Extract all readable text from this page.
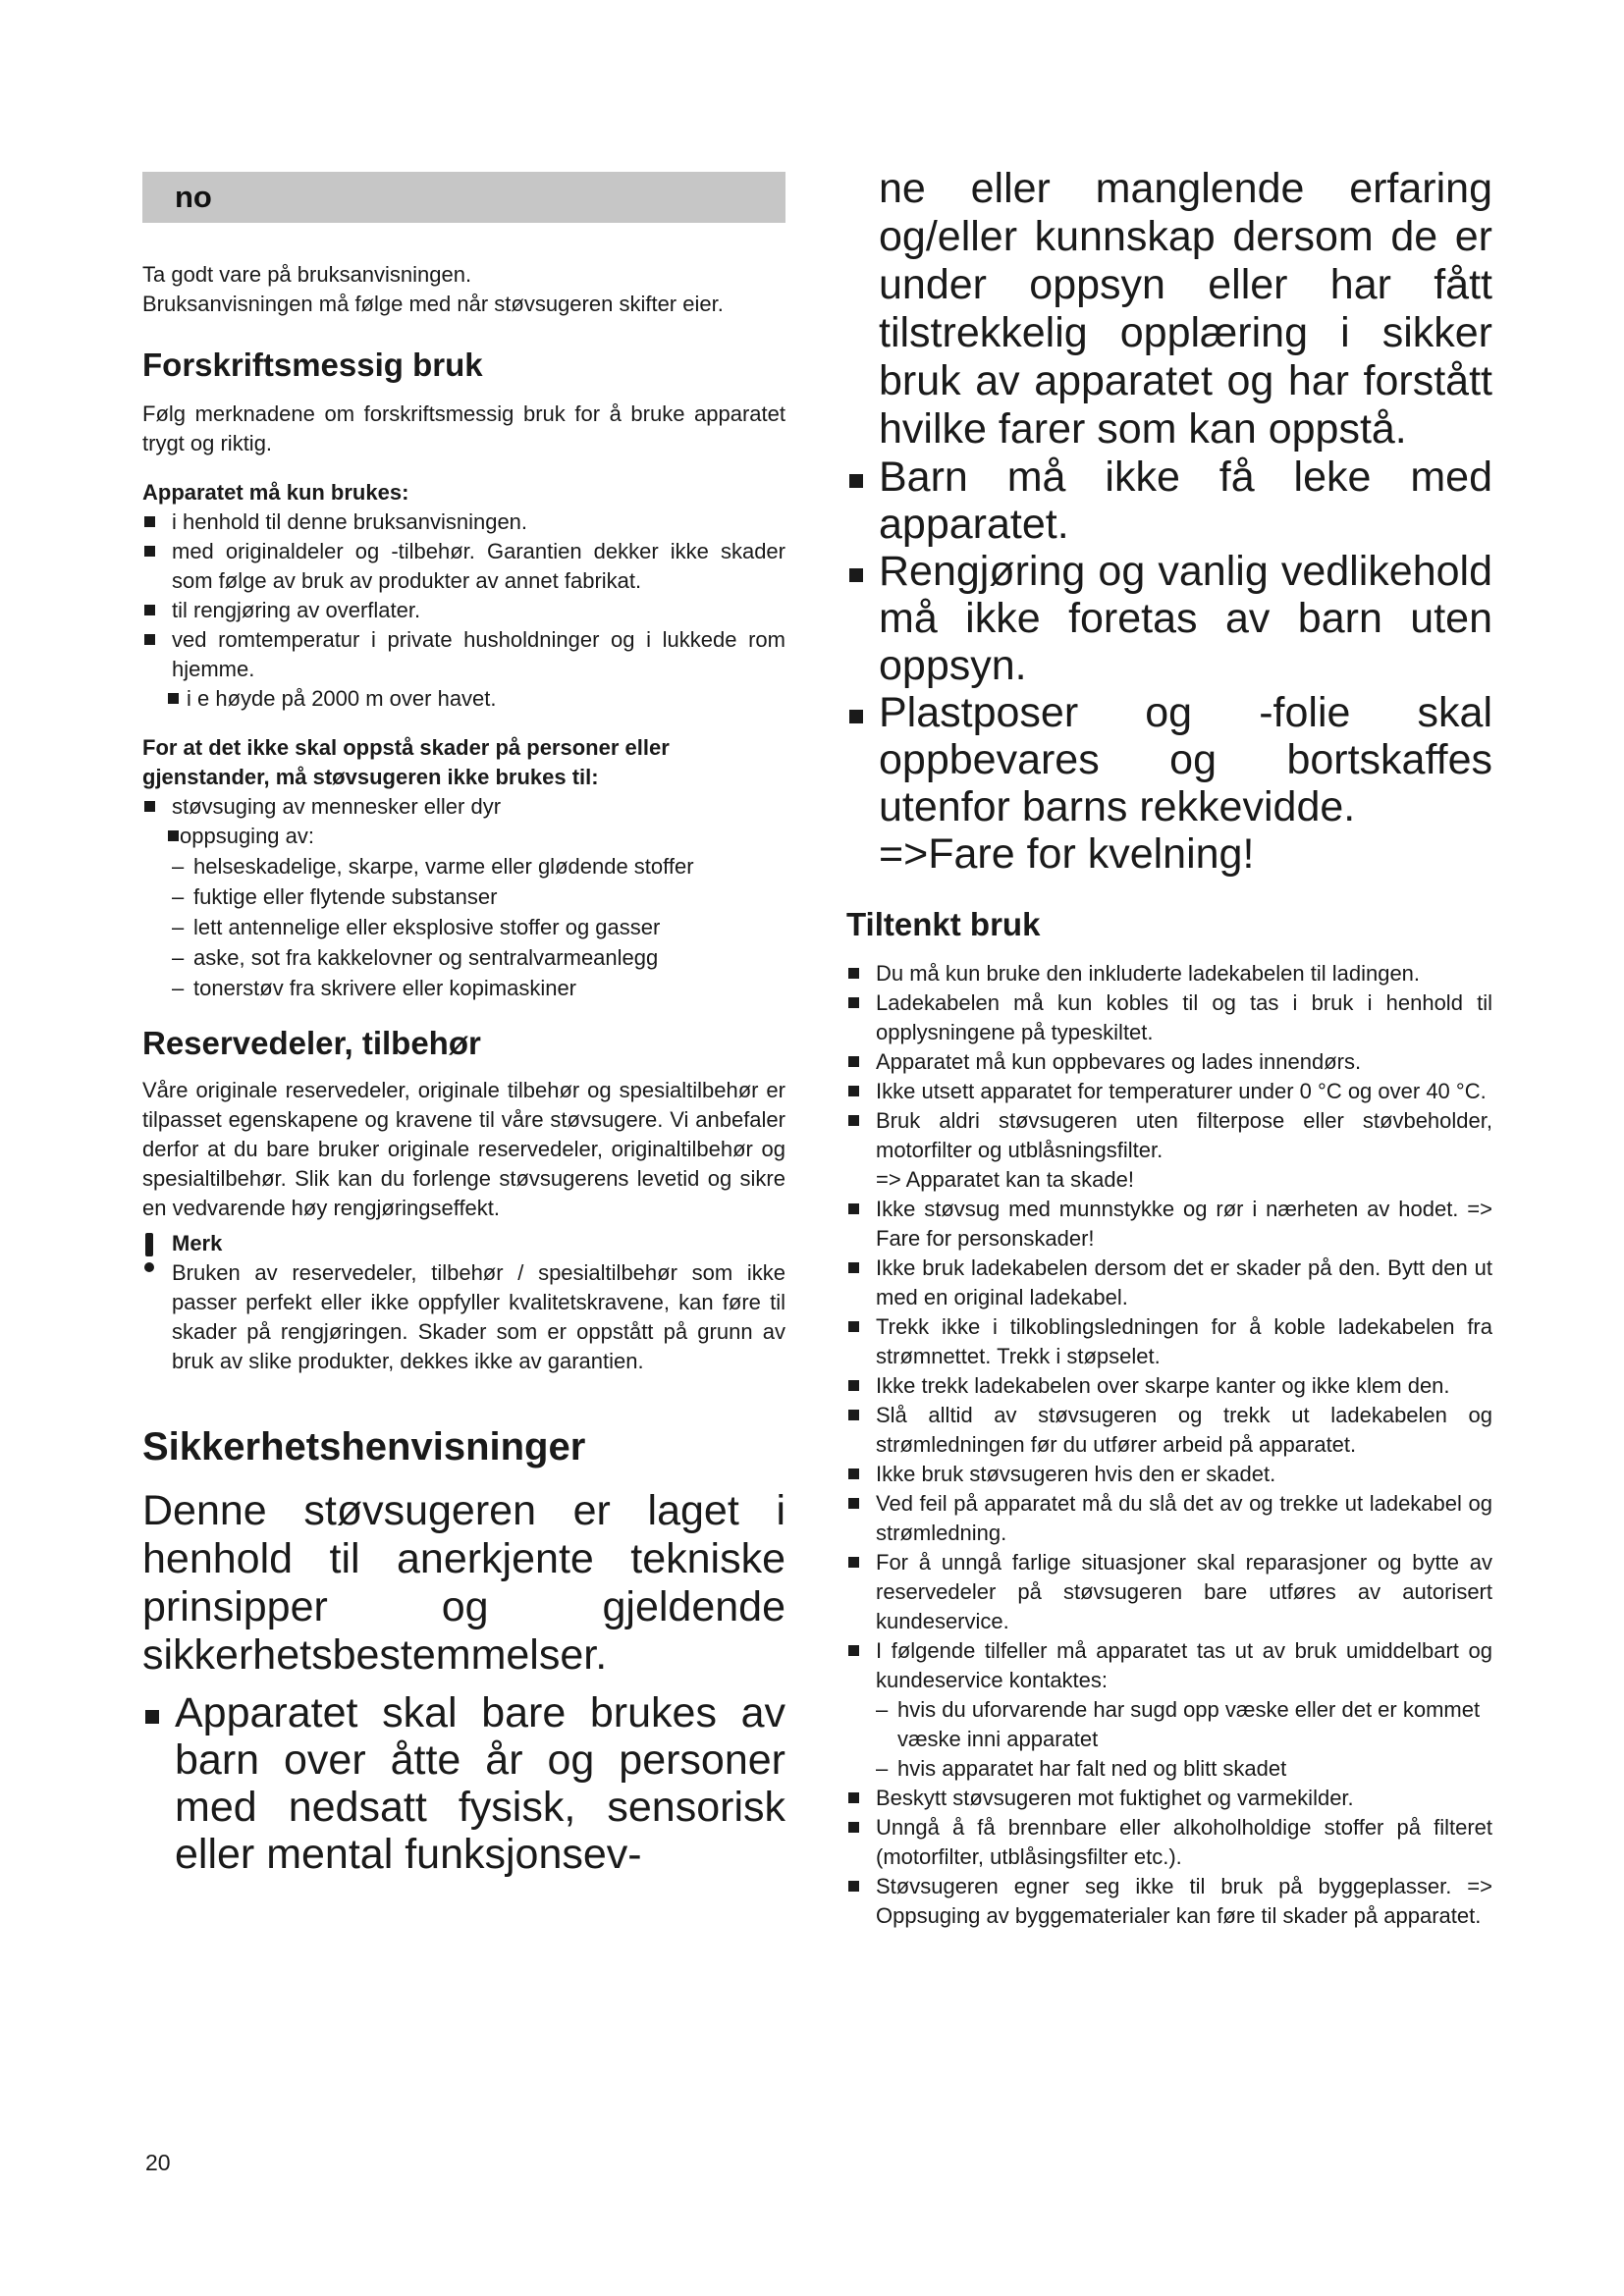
no

Ta godt vare på bruksanvisningen.

Bruksanvisningen må følge med når støvsugeren skifter eier.

Forskriftsmessig bruk

Følg merknadene om forskriftsmessig bruk for å bruke apparatet trygt og riktig.

Apparatet må kun brukes:

i henhold til denne bruksanvisningen.
med originaldeler og -tilbehør. Garantien dekker ikke skader som følge av bruk av produkter av annet fabrikat.
til rengjøring av overflater.
ved romtemperatur i private husholdninger og i lukkede rom hjemme.
i e høyde på 2000 m over havet.

For at det ikke skal oppstå skader på personer eller gjenstander, må støvsugeren ikke brukes til:

støvsuging av mennesker eller dyr
oppsuging av:
– helseskadelige, skarpe, varme eller glødende stoffer
– fuktige eller flytende substanser
– lett antennelige eller eksplosive stoffer og gasser
– aske, sot fra kakkelovner og sentralvarmeanlegg
– tonerstøv fra skrivere eller kopimaskiner
Reservedeler, tilbehør

Våre originale reservedeler, originale tilbehør og spesialtilbehør er tilpasset egenskapene og kravene til våre støvsugere. Vi anbefaler derfor at du bare bruker originale reservedeler, originaltilbehør og spesialtilbehør. Slik kan du forlenge støvsugerens levetid og sikre en vedvarende høy rengjøringseffekt.

Merk

Bruken av reservedeler, tilbehør / spesialtilbehør som ikke passer perfekt eller ikke oppfyller kvalitetskravene, kan føre til skader på rengjøringen. Skader som er oppstått på grunn av bruk av slike produkter, dekkes ikke av garantien.

Sikkerhetshenvisninger

Denne støvsugeren er laget i henhold til anerkjente tekniske prinsipper og gjeldende sikkerhetsbestemmelser.

Apparatet skal bare brukes av barn over åtte år og personer med nedsatt fysisk, sensorisk eller mental funksjonsev-
20

ne eller manglende erfaring og/eller kunnskap dersom de er under oppsyn eller har fått tilstrekkelig opplæring i sikker bruk av apparatet og har forstått hvilke farer som kan oppstå.

Barn må ikke få leke med apparatet.
Rengjøring og vanlig vedlikehold må ikke foretas av barn uten oppsyn.
Plastposer og -folie skal oppbevares og bortskaffes utenfor barns rekkevidde.

=>Fare for kvelning!

Tiltenkt bruk
Du må kun bruke den inkluderte ladekabelen til ladingen.
Ladekabelen må kun kobles til og tas i bruk i henhold til opplysningene på typeskiltet.
Apparatet må kun oppbevares og lades innendørs.
Ikke utsett apparatet for temperaturer under 0 °C og over 40 °C.
Bruk aldri støvsugeren uten filterpose eller støvbeholder, motorfilter og utblåsningsfilter.
=> Apparatet kan ta skade!
Ikke støvsug med munnstykke og rør i nærheten av hodet. => Fare for personskader!
Ikke bruk ladekabelen dersom det er skader på den. Bytt den ut med en original ladekabel.
Trekk ikke i tilkoblingsledningen for å koble ladekabelen fra strømnettet. Trekk i støpselet.
Ikke trekk ladekabelen over skarpe kanter og ikke klem den.
Slå alltid av støvsugeren og trekk ut ladekabelen og strømledningen før du utfører arbeid på apparatet.
Ikke bruk støvsugeren hvis den er skadet.
Ved feil på apparatet må du slå det av og trekke ut ladekabel og strømledning.
For å unngå farlige situasjoner skal reparasjoner og bytte av reservedeler på støvsugeren bare utføres av autorisert kundeservice.
I følgende tilfeller må apparatet tas ut av bruk umiddelbart og kundeservice kontaktes:
– hvis du uforvarende har sugd opp væske eller det er kommet væske inni apparatet
– hvis apparatet har falt ned og blitt skadet
Beskytt støvsugeren mot fuktighet og varmekilder.
Unngå å få brennbare eller alkoholholdige stoffer på filteret (motorfilter, utblåsingsfilter etc.).
Støvsugeren egner seg ikke til bruk på byggeplasser. => Oppsuging av byggematerialer kan føre til skader på apparatet.
